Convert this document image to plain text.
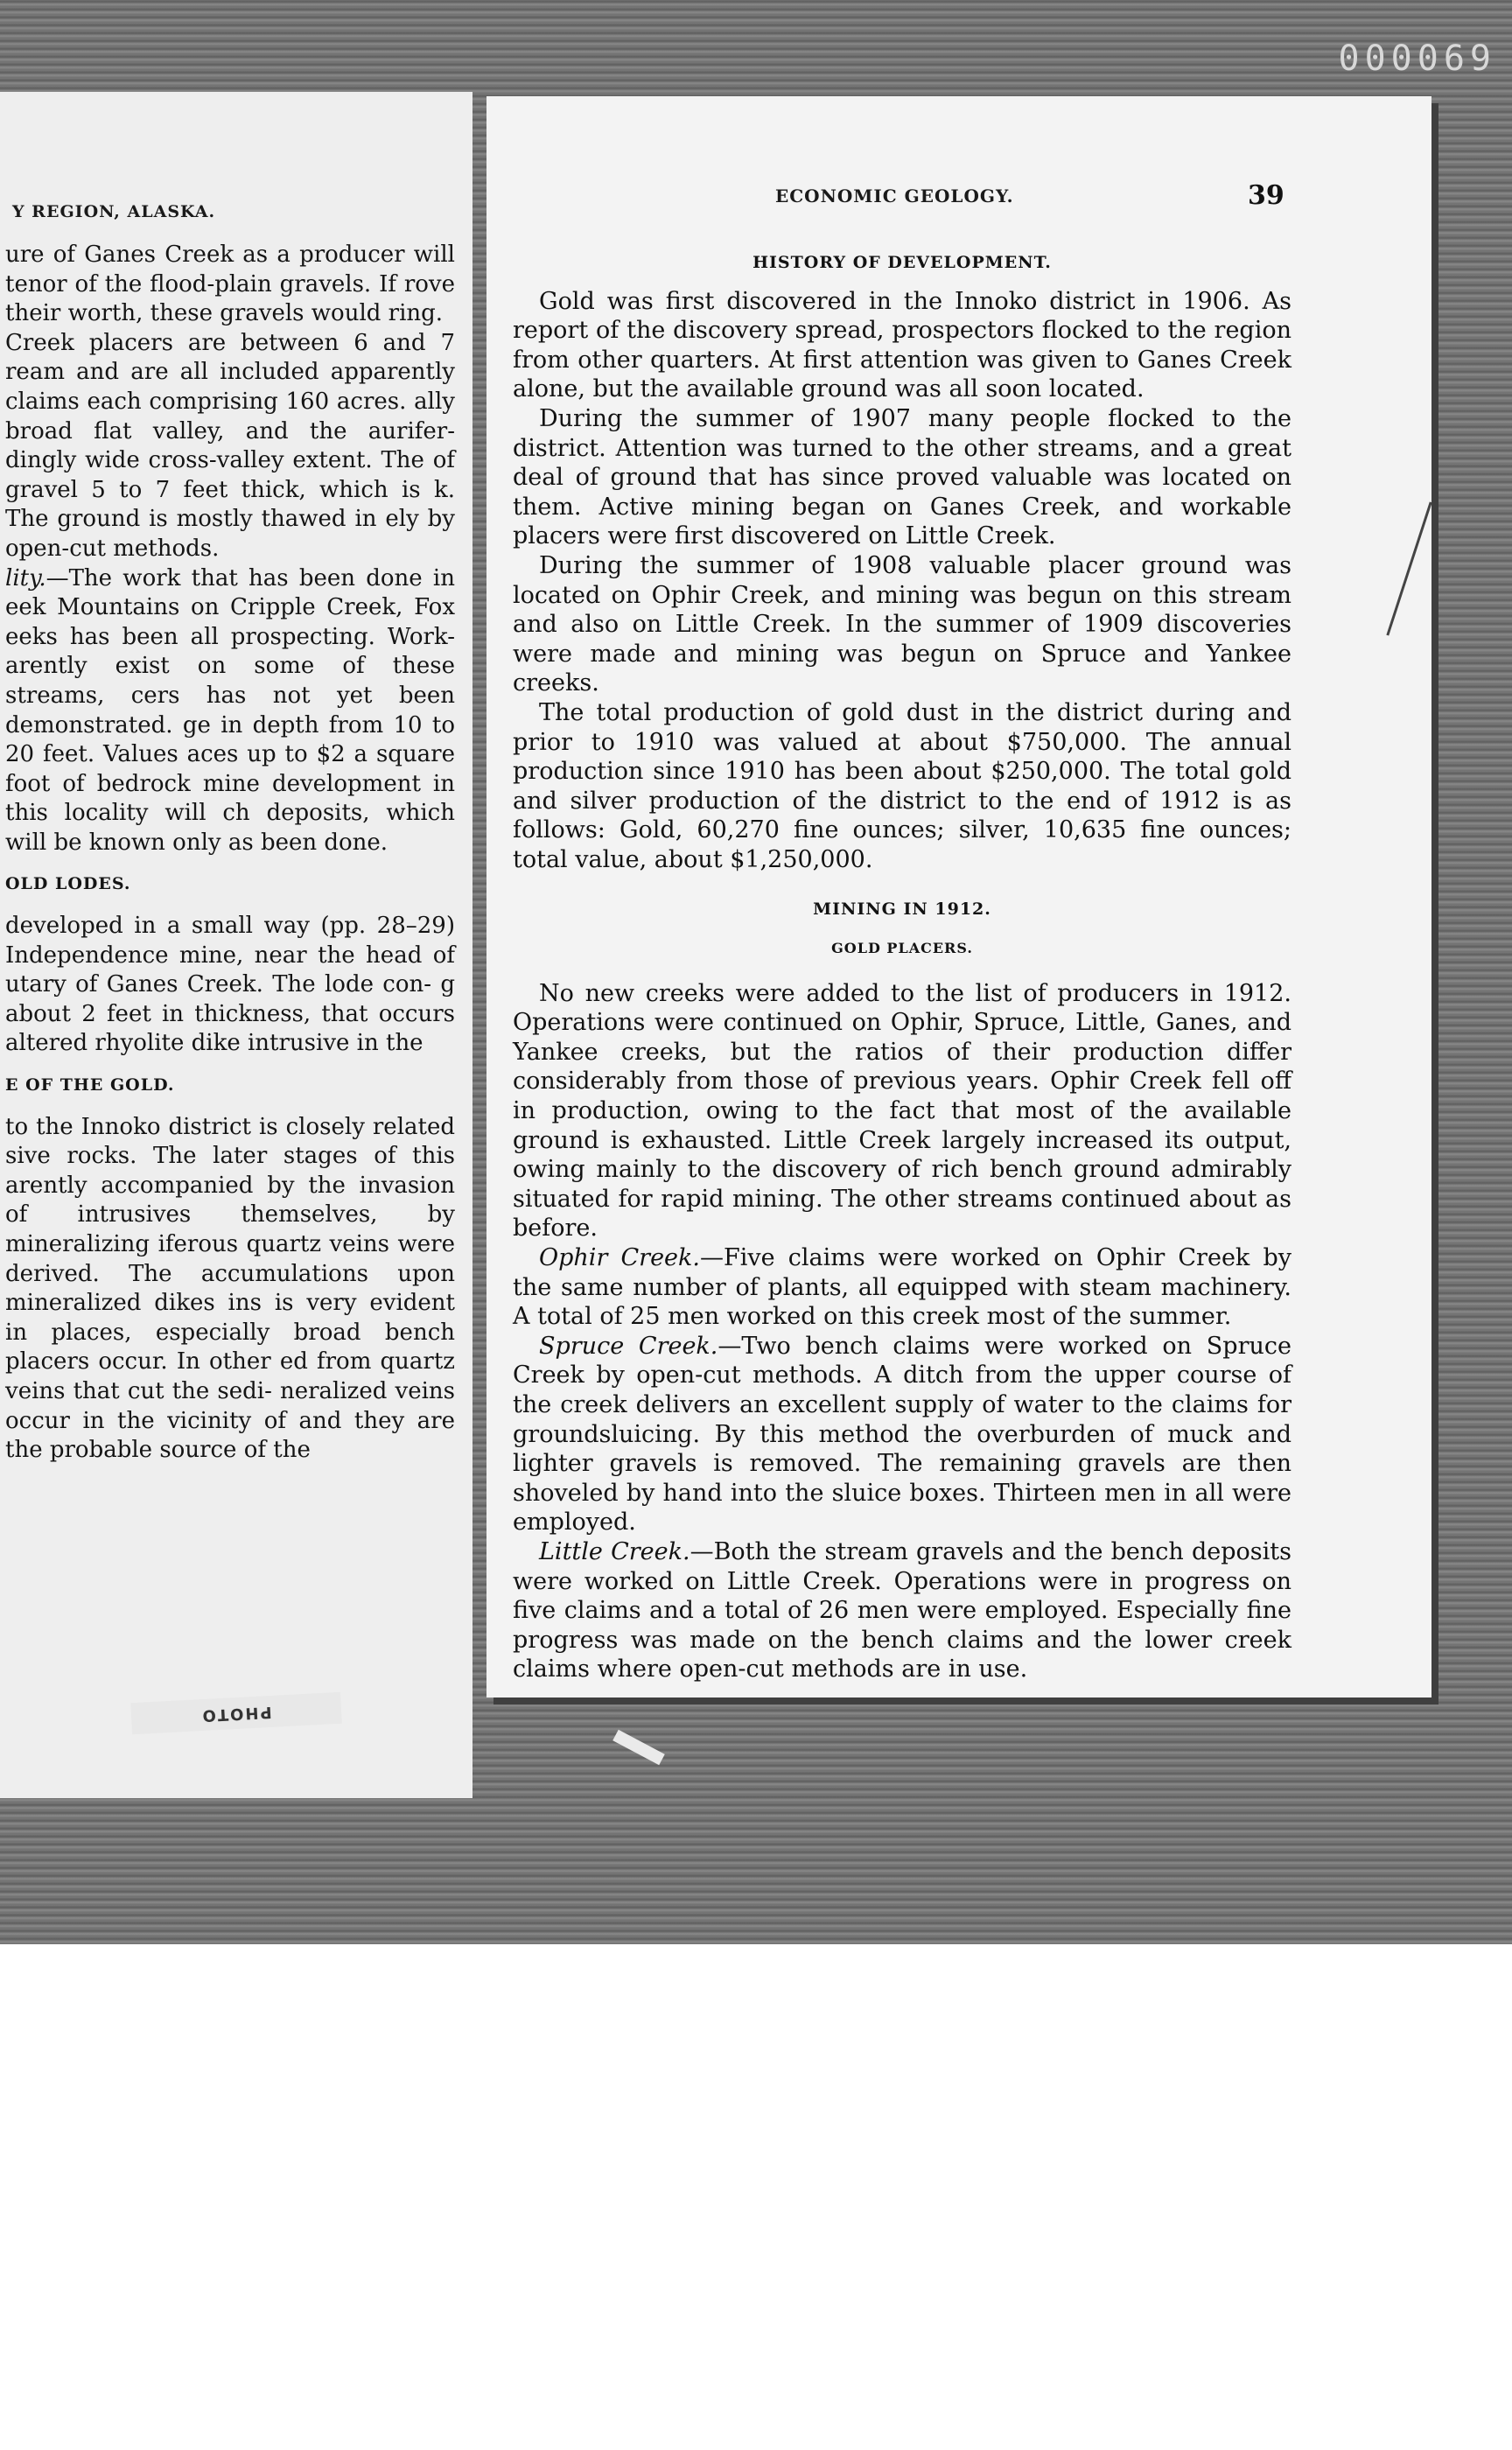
000069
Y REGION, ALASKA.

ure of Ganes Creek as a producer will tenor of the flood-plain gravels. If rove their worth, these gravels would ring.

Creek placers are between 6 and 7 ream and are all included apparently claims each comprising 160 acres. ally broad flat valley, and the aurifer- dingly wide cross-valley extent. The of gravel 5 to 7 feet thick, which is k. The ground is mostly thawed in ely by open-cut methods.

lity.—The work that has been done in eek Mountains on Cripple Creek, Fox eeks has been all prospecting. Work- arently exist on some of these streams, cers has not yet been demonstrated. ge in depth from 10 to 20 feet. Values aces up to $2 a square foot of bedrock mine development in this locality will ch deposits, which will be known only as been done.

OLD LODES.

developed in a small way (pp. 28–29) Independence mine, near the head of utary of Ganes Creek. The lode con- g about 2 feet in thickness, that occurs altered rhyolite dike intrusive in the

E OF THE GOLD.

to the Innoko district is closely related sive rocks. The later stages of this arently accompanied by the invasion of intrusives themselves, by mineralizing iferous quartz veins were derived. The accumulations upon mineralized dikes ins is very evident in places, especially broad bench placers occur. In other ed from quartz veins that cut the sedi- neralized veins occur in the vicinity of and they are the probable source of the

ECONOMIC GEOLOGY.	39
HISTORY OF DEVELOPMENT.

Gold was first discovered in the Innoko district in 1906. As report of the discovery spread, prospectors flocked to the region from other quarters. At first attention was given to Ganes Creek alone, but the available ground was all soon located.

During the summer of 1907 many people flocked to the district. Attention was turned to the other streams, and a great deal of ground that has since proved valuable was located on them. Active mining began on Ganes Creek, and workable placers were first discovered on Little Creek.

During the summer of 1908 valuable placer ground was located on Ophir Creek, and mining was begun on this stream and also on Little Creek. In the summer of 1909 discoveries were made and mining was begun on Spruce and Yankee creeks.

The total production of gold dust in the district during and prior to 1910 was valued at about $750,000. The annual production since 1910 has been about $250,000. The total gold and silver production of the district to the end of 1912 is as follows: Gold, 60,270 fine ounces; silver, 10,635 fine ounces; total value, about $1,250,000.

MINING IN 1912.
GOLD PLACERS.

No new creeks were added to the list of producers in 1912. Operations were continued on Ophir, Spruce, Little, Ganes, and Yankee creeks, but the ratios of their production differ considerably from those of previous years. Ophir Creek fell off in production, owing to the fact that most of the available ground is exhausted. Little Creek largely increased its output, owing mainly to the discovery of rich bench ground admirably situated for rapid mining. The other streams continued about as before.

Ophir Creek.—Five claims were worked on Ophir Creek by the same number of plants, all equipped with steam machinery. A total of 25 men worked on this creek most of the summer.

Spruce Creek.—Two bench claims were worked on Spruce Creek by open-cut methods. A ditch from the upper course of the creek delivers an excellent supply of water to the claims for groundsluicing. By this method the overburden of muck and lighter gravels is removed. The remaining gravels are then shoveled by hand into the sluice boxes. Thirteen men in all were employed.

Little Creek.—Both the stream gravels and the bench deposits were worked on Little Creek. Operations were in progress on five claims and a total of 26 men were employed. Especially fine progress was made on the bench claims and the lower creek claims where open-cut methods are in use.

PHOTO
